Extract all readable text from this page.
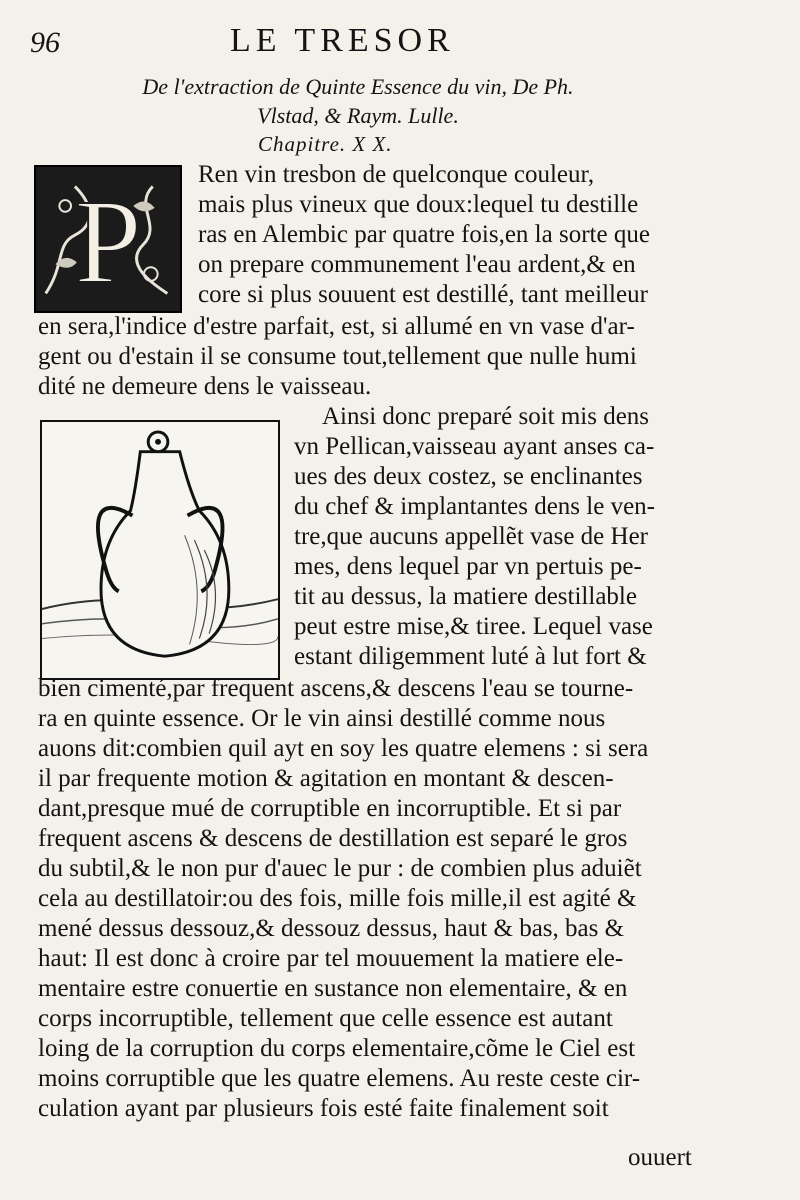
96	LE TRESOR
De l'extraction de Quinte Essence du vin, De Ph.
Vlstad, & Raym. Lulle.
Chapitre. X X.
P
Ren vin tresbon de quelconque couleur,
mais plus vineux que doux:lequel tu destille
ras en Alembic par quatre fois,en la sorte que
on prepare communement l'eau ardent,& en
core si plus souuent est destillé, tant meilleur
en sera,l'indice d'estre parfait, est, si allumé en vn vase d'ar-
gent ou d'estain il se consume tout,tellement que nulle humi
dité ne demeure dens le vaisseau.
Ainsi donc preparé soit mis dens
vn Pellican,vaisseau ayant anses ca-
ues des deux costez, se enclinantes
du chef & implantantes dens le ven-
tre,que aucuns appellẽt vase de Her
mes, dens lequel par vn pertuis pe-
tit au dessus, la matiere destillable
peut estre mise,& tiree. Lequel vase
estant diligemment luté à lut fort &
bien cimenté,par frequent ascens,& descens l'eau se tourne-
ra en quinte essence. Or le vin ainsi destillé comme nous
auons dit:combien quil ayt en soy les quatre elemens : si sera
il par frequente motion & agitation en montant & descen-
dant,presque mué de corruptible en incorruptible. Et si par
frequent ascens & descens de destillation est separé le gros
du subtil,& le non pur d'auec le pur : de combien plus aduiẽt
cela au destillatoir:ou des fois, mille fois mille,il est agité &
mené dessus dessouz,& dessouz dessus, haut & bas, bas &
haut: Il est donc à croire par tel mouuement la matiere ele-
mentaire estre conuertie en sustance non elementaire, & en
corps incorruptible, tellement que celle essence est autant
loing de la corruption du corps elementaire,cõme le Ciel est
moins corruptible que les quatre elemens. Au reste ceste cir-
culation ayant par plusieurs fois esté faite finalement soit
ouuert
